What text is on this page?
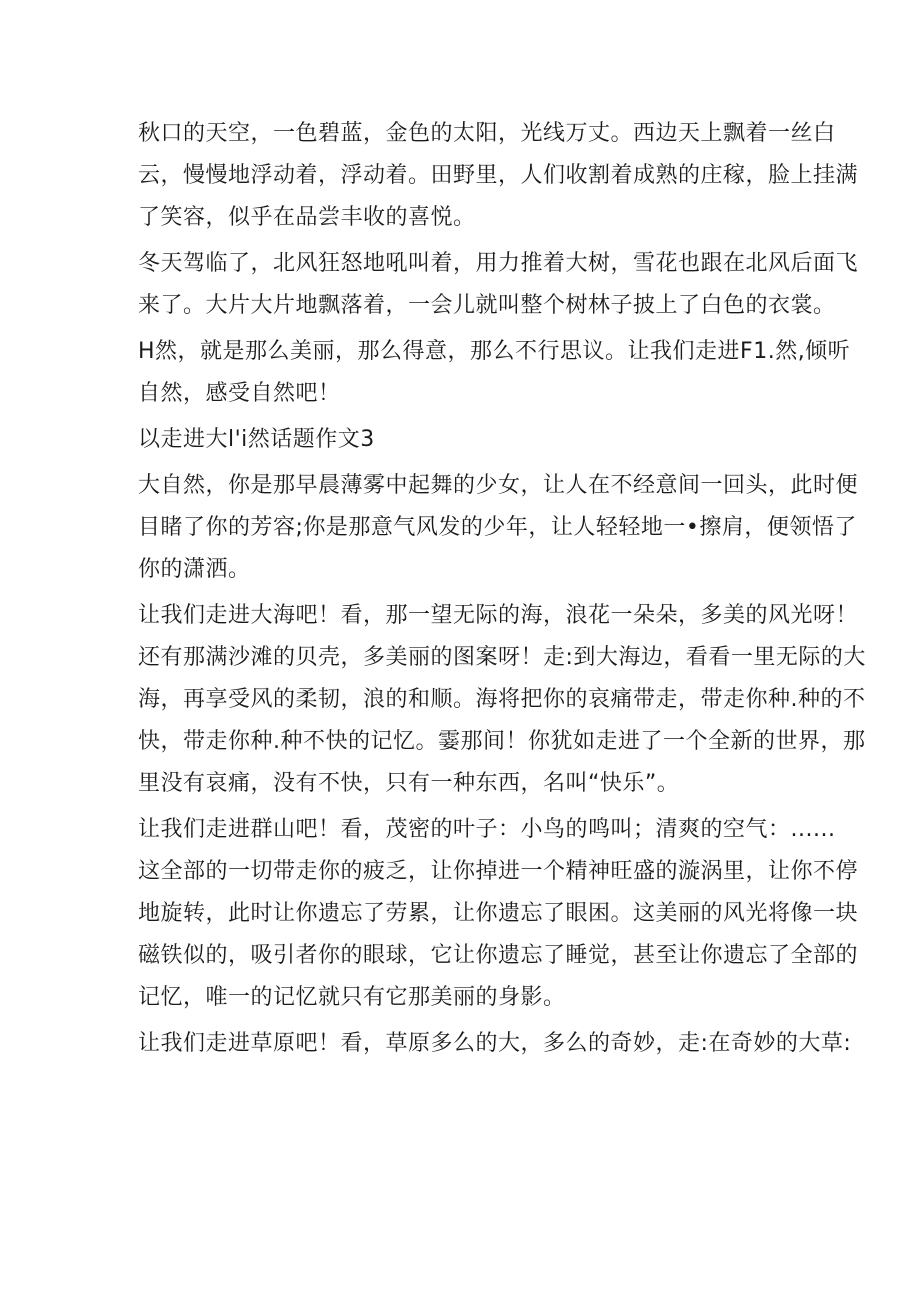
秋口的天空，一色碧蓝，金色的太阳，光线万丈。西边天上飘着一丝白
云，慢慢地浮动着，浮动着。田野里，人们收割着成熟的庄稼，脸上挂满
了笑容，似乎在品尝丰收的喜悦。

冬天驾临了，北风狂怒地吼叫着，用力推着大树，雪花也跟在北风后面飞
来了。大片大片地飘落着，一会儿就叫整个树林子披上了白色的衣裳。

H然，就是那么美丽，那么得意，那么不行思议。让我们走进F1.然,倾听
自然，感受自然吧！

以走进大l'i然话题作文3

大自然，你是那早晨薄雾中起舞的少女，让人在不经意间一回头，此时便
目睹了你的芳容;你是那意气风发的少年，让人轻轻地一•擦肩，便领悟了
你的潇洒。

让我们走进大海吧！看，那一望无际的海，浪花一朵朵，多美的风光呀！
还有那满沙滩的贝壳，多美丽的图案呀！走:到大海边，看看一里无际的大
海，再享受风的柔韧，浪的和顺。海将把你的哀痛带走，带走你种.种的不
快，带走你种.种不快的记忆。霎那间！你犹如走进了一个全新的世界，那
里没有哀痛，没有不快，只有一种东西，名叫“快乐”。

让我们走进群山吧！看，茂密的叶子：小鸟的鸣叫；清爽的空气：......
这全部的一切带走你的疲乏，让你掉进一个精神旺盛的漩涡里，让你不停
地旋转，此时让你遗忘了劳累，让你遗忘了眼困。这美丽的风光将像一块
磁铁似的，吸引者你的眼球，它让你遗忘了睡觉，甚至让你遗忘了全部的
记忆，唯一的记忆就只有它那美丽的身影。

让我们走进草原吧！看，草原多么的大，多么的奇妙，走:在奇妙的大草:
